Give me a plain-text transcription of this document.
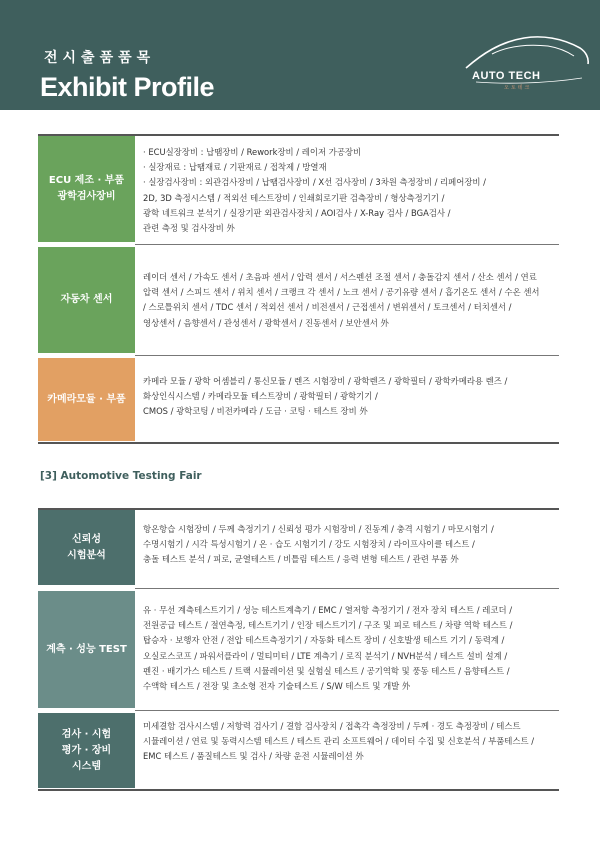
전시출품품목
Exhibit Profile	AUTO TECH
오토테크
ECU 제조 · 부품
광학검사장비
· ECU실장장비 : 납땜장비 / Rework장비 / 레이저 가공장비
· 실장재료 : 납땜재료 / 기판재료 / 접착제 / 방열재
· 실장검사장비 : 외관검사장비 / 납땜검사장비 / X선 검사장비 / 3차원 측정장비 / 리페어장비 /
2D, 3D 측정시스템 / 적외선 테스트장비 / 인쇄회로기판 검측장비 / 형상측정기기 /
광학 네트워크 분석기 / 실장기판 외관검사장치 / AOI검사 / X-Ray 검사 / BGA검사 /
관련 측정 및 검사장비 外
자동차 센서
레이더 센서 / 가속도 센서 / 초음파 센서 / 압력 센서 / 서스펜션 조절 센서 / 충돌감지 센서 / 산소 센서 / 연료
압력 센서 / 스피드 센서 / 위치 센서 / 크랭크 각 센서 / 노크 센서 / 공기유량 센서 / 흡기온도 센서 / 수온 센서
/ 스로틀위치 센서 / TDC 센서 / 적외선 센서 / 비전센서 / 근접센서 / 변위센서 / 토크센서 / 터치센서 /
영상센서 / 음향센서 / 관성센서 / 광학센서 / 진동센서 / 보안센서 外
카메라모듈 · 부품
카메라 모듈 / 광학 어셈블리 / 통신모듈 / 렌즈 시험장비 / 광학렌즈 / 광학필터 / 광학카메라용 렌즈 /
화상인식시스템 / 카메라모듈 테스트장비 / 광학필터 / 광학기기 /
CMOS / 광학코팅 / 비전카메라 / 도금 · 코팅 · 테스트 장비 外
[3] Automotive Testing Fair
신뢰성
시험분석
항온항습 시험장비 / 두께 측정기기 / 신뢰성 평가 시험장비 / 진동계 / 충격 시험기 / 마모시험기 /
수명시험기 / 시각 특성시험기 / 온 · 습도 시험기기 / 강도 시험장치 / 라이프사이클 테스트 /
충돌 테스트 분석 / 피로, 균열테스트 / 비틀림 테스트 / 응력 변형 테스트 / 관련 부품 外
계측 · 성능 TEST
유 · 무선 계측테스트기기 / 성능 테스트계측기 / EMC / 열저항 측정기기 / 전자 장치 테스트 / 레코더 /
전원공급 테스트 / 절연측정, 테스트기기 / 인장 테스트기기 / 구조 및 피로 테스트 / 차량 역학 테스트 /
탑승자 · 보행자 안전 / 전압 테스트측정기기 / 자동화 테스트 장비 / 신호발생 테스트 기기 / 동력계 /
오실로스코프 / 파워서플라이 / 멀티미터 / LTE 계측기 / 로직 분석기 / NVH분석 / 테스트 설비 설계 /
펜진 · 배기가스 테스트 / 트랙 시뮬레이션 및 실험실 테스트 / 공기역학 및 풍동 테스트 / 음향테스트 /
수액학 테스트 / 전장 및 초소형 전자 기술테스트 / S/W 테스트 및 개발 外
검사 · 시험
평가 · 장비
시스템
미세결함 검사시스템 / 저항력 검사기 / 결함 검사장치 / 접촉각 측정장비 / 두께 · 경도 측정장비 / 테스트
시뮬레이션 / 연료 및 동력시스템 테스트 / 테스트 관리 소프트웨어 / 데이터 수집 및 신호분석 / 부품테스트 /
EMC 테스트 / 품질테스트 및 검사 / 차량 운전 시뮬레이션 外
